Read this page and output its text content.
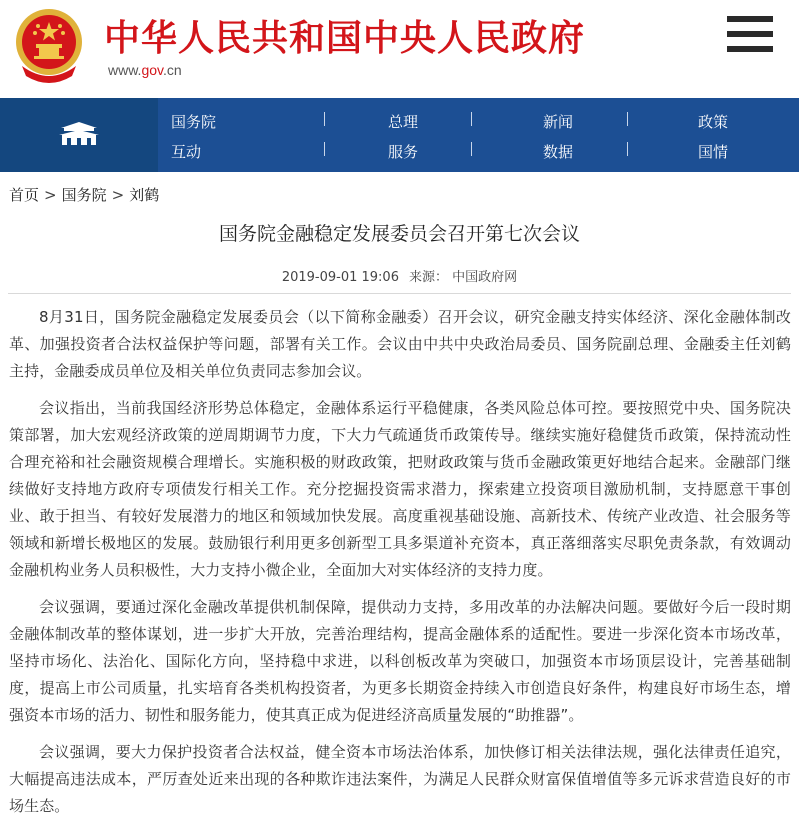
中华人民共和国中央人民政府
www.gov.cn
国务院	总理	新闻	政策
互动	服务	数据	国情
首页 > 国务院 > 刘鹤
国务院金融稳定发展委员会召开第七次会议
2019-09-01 19:06 来源： 中国政府网

8月31日，国务院金融稳定发展委员会（以下简称金融委）召开会议，研究金融支持实体经济、深化金融体制改革、加强投资者合法权益保护等问题，部署有关工作。会议由中共中央政治局委员、国务院副总理、金融委主任刘鹤主持，金融委成员单位及相关单位负责同志参加会议。

会议指出，当前我国经济形势总体稳定，金融体系运行平稳健康，各类风险总体可控。要按照党中央、国务院决策部署，加大宏观经济政策的逆周期调节力度，下大力气疏通货币政策传导。继续实施好稳健货币政策，保持流动性合理充裕和社会融资规模合理增长。实施积极的财政政策，把财政政策与货币金融政策更好地结合起来。金融部门继续做好支持地方政府专项债发行相关工作。充分挖掘投资需求潜力，探索建立投资项目激励机制，支持愿意干事创业、敢于担当、有较好发展潜力的地区和领域加快发展。高度重视基础设施、高新技术、传统产业改造、社会服务等领域和新增长极地区的发展。鼓励银行利用更多创新型工具多渠道补充资本，真正落细落实尽职免责条款，有效调动金融机构业务人员积极性，大力支持小微企业，全面加大对实体经济的支持力度。

会议强调，要通过深化金融改革提供机制保障，提供动力支持，多用改革的办法解决问题。要做好今后一段时期金融体制改革的整体谋划，进一步扩大开放，完善治理结构，提高金融体系的适配性。要进一步深化资本市场改革，坚持市场化、法治化、国际化方向，坚持稳中求进，以科创板改革为突破口，加强资本市场顶层设计，完善基础制度，提高上市公司质量，扎实培育各类机构投资者，为更多长期资金持续入市创造良好条件，构建良好市场生态，增强资本市场的活力、韧性和服务能力，使其真正成为促进经济高质量发展的“助推器”。

会议强调，要大力保护投资者合法权益，健全资本市场法治体系，加快修订相关法律法规，强化法律责任追究，大幅提高违法成本，严厉查处近来出现的各种欺诈违法案件，为满足人民群众财富保值增值等多元诉求营造良好的市场生态。
